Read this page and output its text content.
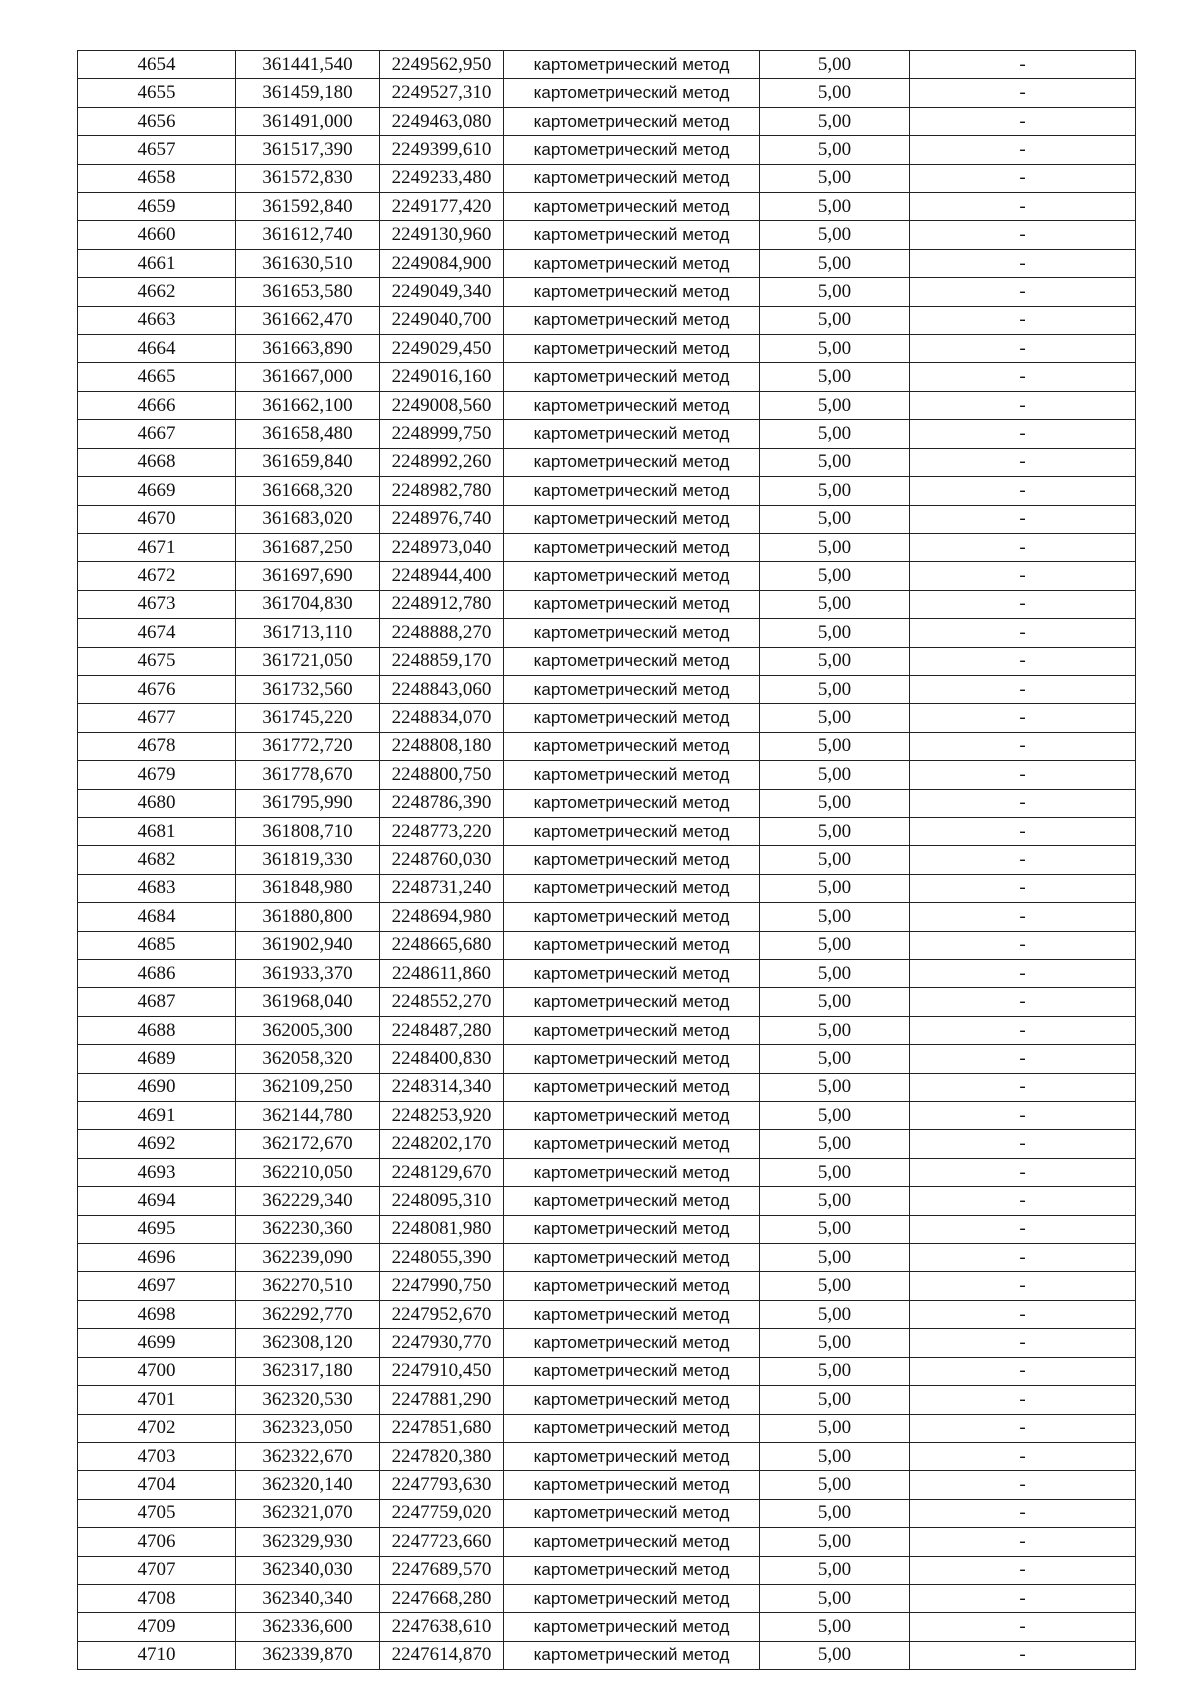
4654	361441,540	2249562,950	картометрический метод	5,00	-
4655	361459,180	2249527,310	картометрический метод	5,00	-
4656	361491,000	2249463,080	картометрический метод	5,00	-
4657	361517,390	2249399,610	картометрический метод	5,00	-
4658	361572,830	2249233,480	картометрический метод	5,00	-
4659	361592,840	2249177,420	картометрический метод	5,00	-
4660	361612,740	2249130,960	картометрический метод	5,00	-
4661	361630,510	2249084,900	картометрический метод	5,00	-
4662	361653,580	2249049,340	картометрический метод	5,00	-
4663	361662,470	2249040,700	картометрический метод	5,00	-
4664	361663,890	2249029,450	картометрический метод	5,00	-
4665	361667,000	2249016,160	картометрический метод	5,00	-
4666	361662,100	2249008,560	картометрический метод	5,00	-
4667	361658,480	2248999,750	картометрический метод	5,00	-
4668	361659,840	2248992,260	картометрический метод	5,00	-
4669	361668,320	2248982,780	картометрический метод	5,00	-
4670	361683,020	2248976,740	картометрический метод	5,00	-
4671	361687,250	2248973,040	картометрический метод	5,00	-
4672	361697,690	2248944,400	картометрический метод	5,00	-
4673	361704,830	2248912,780	картометрический метод	5,00	-
4674	361713,110	2248888,270	картометрический метод	5,00	-
4675	361721,050	2248859,170	картометрический метод	5,00	-
4676	361732,560	2248843,060	картометрический метод	5,00	-
4677	361745,220	2248834,070	картометрический метод	5,00	-
4678	361772,720	2248808,180	картометрический метод	5,00	-
4679	361778,670	2248800,750	картометрический метод	5,00	-
4680	361795,990	2248786,390	картометрический метод	5,00	-
4681	361808,710	2248773,220	картометрический метод	5,00	-
4682	361819,330	2248760,030	картометрический метод	5,00	-
4683	361848,980	2248731,240	картометрический метод	5,00	-
4684	361880,800	2248694,980	картометрический метод	5,00	-
4685	361902,940	2248665,680	картометрический метод	5,00	-
4686	361933,370	2248611,860	картометрический метод	5,00	-
4687	361968,040	2248552,270	картометрический метод	5,00	-
4688	362005,300	2248487,280	картометрический метод	5,00	-
4689	362058,320	2248400,830	картометрический метод	5,00	-
4690	362109,250	2248314,340	картометрический метод	5,00	-
4691	362144,780	2248253,920	картометрический метод	5,00	-
4692	362172,670	2248202,170	картометрический метод	5,00	-
4693	362210,050	2248129,670	картометрический метод	5,00	-
4694	362229,340	2248095,310	картометрический метод	5,00	-
4695	362230,360	2248081,980	картометрический метод	5,00	-
4696	362239,090	2248055,390	картометрический метод	5,00	-
4697	362270,510	2247990,750	картометрический метод	5,00	-
4698	362292,770	2247952,670	картометрический метод	5,00	-
4699	362308,120	2247930,770	картометрический метод	5,00	-
4700	362317,180	2247910,450	картометрический метод	5,00	-
4701	362320,530	2247881,290	картометрический метод	5,00	-
4702	362323,050	2247851,680	картометрический метод	5,00	-
4703	362322,670	2247820,380	картометрический метод	5,00	-
4704	362320,140	2247793,630	картометрический метод	5,00	-
4705	362321,070	2247759,020	картометрический метод	5,00	-
4706	362329,930	2247723,660	картометрический метод	5,00	-
4707	362340,030	2247689,570	картометрический метод	5,00	-
4708	362340,340	2247668,280	картометрический метод	5,00	-
4709	362336,600	2247638,610	картометрический метод	5,00	-
4710	362339,870	2247614,870	картометрический метод	5,00	-
